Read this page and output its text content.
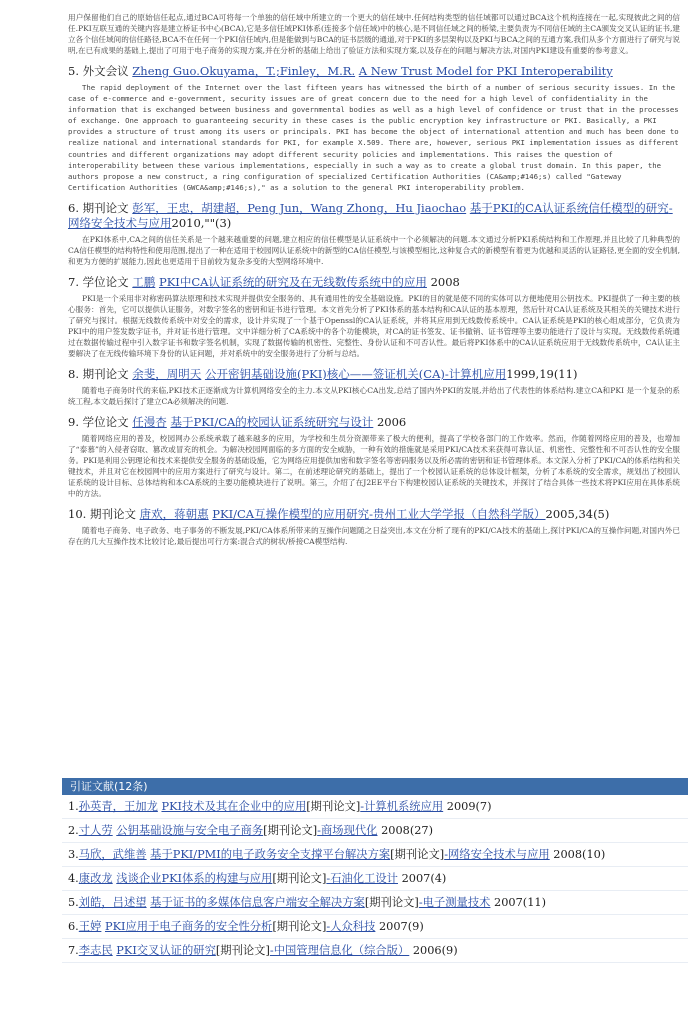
用户保留他们自己的原始信任起点,通过BCA可将每一个单独的信任域中所建立的一个更大的信任域中.任何结构类型的信任域都可以通过BCA这个机构连接在一起,实现彼此之间的信任.PKI互联互通的关键内容是建立桥证书中心(BCA),它是多信任域PKI体系(连接多个信任域)中的核心,是不同信任域之间的桥梁,主要负责为不同信任域的主CA颁发交叉认证的证书,建立各个信任域间的信任路径,BCA不在任何一个PKI信任域内,但是能做到与BCA的证书层级的通道,对于PKI的多层架构以及PKI与BCA之间的互通方案,我们从多个方面进行了研究与说明,在已有成果的基础上,提出了可用于电子商务的实现方案,并在分析的基础上给出了验证方法和实现方案,以及存在的问题与解决方法,对国内PKI建设有重要的参考意义。

5. 外文会议 Zheng Guo.Okuyama，T.;Finley，M.R. A New Trust Model for PKI Interoperability

The rapid deployment of the Internet over the last fifteen years has witnessed the birth of a number of serious security issues. In the case of e-commerce and e-government, security issues are of great concern due to the need for a high level of confidentiality in the information that is exchanged between business and governmental bodies as well as a high level of confidence or trust that in the processes of exchange. One approach to guaranteeing security in these cases is the public encryption key infrastructure or PKI. Basically, a PKI provides a structure of trust among its users or principals. PKI has become the object of international attention and much has been done to realize national and international standards for PKI, for example X.509. There are, however, serious PKI implementation issues as different countries and different organizations may adopt different security policies and implementations. This raises the question of interoperability between these various implementations, especially in such a way as to create a global trust domain. In this paper, the authors propose a new construct, a ring configuration of specialized Certification Authorities (CA&amp;#146;s) called "Gateway Certification Authorities (GWCA&amp;#146;s)," as a solution to the general PKI interoperability problem.

6. 期刊论文 彭军，王忠，胡建超，Peng Jun，Wang Zhong，Hu Jiaochao 基于PKI的CA认证系统信任模型的研究-网络安全技术与应用2010,""(3)

在PKI体系中,CA之间的信任关系是一个越来越重要的问题,建立相应的信任模型是认证系统中一个必须解决的问题.本文通过分析PKI系统结构和工作原理,并且比较了几种典型的CA信任模型的结构特性和使用范围,提出了一种在适用于校园网认证系统中的新型的CA信任模型,与该模型相比,这种复合式的新模型有着更为优越和灵活的认证路径,更全面的安全机制,和更为方便的扩展能力,因此也更适用于目前较为复杂多变的大型网络环境中.

7. 学位论文 工鹏 PKI中CA认证系统的研究及在无线数传系统中的应用 2008

PKI是一个采用非对称密码算法原理和技术实现并提供安全服务的、具有通用性的安全基础设施。PKI的目的就是使不同的实体可以方便地使用公钥技术。PKI提供了一种主要的核心服务：首先，它可以提供认证服务，对数字签名的密钥和证书进行管理。本文首先分析了PKI体系的基本结构和CA认证的基本原理，然后针对CA认证系统及其相关的关键技术进行了研究与探讨。根据无线数传系统中对安全的需求，设计并实现了一个基于Openssl的CA认证系统，并将其应用到无线数传系统中。CA认证系统是PKI的核心组成部分，它负责为PKI中的用户签发数字证书，并对证书进行管理。文中详细分析了CA系统中的各个功能模块，对CA的证书签发、证书撤销、证书管理等主要功能进行了设计与实现。无线数传系统通过在数据传输过程中引入数字证书和数字签名机制，实现了数据传输的机密性、完整性、身份认证和不可否认性。最后将PKI体系中的CA认证系统应用于无线数传系统中，CA认证主要解决了在无线传输环境下身份的认证问题，并对系统中的安全服务进行了分析与总结。

8. 期刊论文 余斐，周明天 公开密钥基础设施(PKI)核心——签证机关(CA)-计算机应用1999,19(11)

随着电子商务时代的来临,PKI技术正逐渐成为计算机网络安全的主力.本文从PKI核心CA出发,总结了国内外PKI的发展,并给出了代表性的体系结构.建立CA和PKI 是一个复杂的系统工程,本文最后探讨了建立CA必须解决的问题.

9. 学位论文 任漫杏 基于PKI/CA的校园认证系统研究与设计 2006

随着网络应用的普及，校园网办公系统承载了越来越多的应用，为学校和生员分资源带来了极大的便利，提高了学校各部门的工作效率。然而，作随着网络应用的普及，也增加了“泰慕”的入侵者窃取、篡改或冒充的机会。为解决校园网面临的多方面的安全威胁，一种有效的措施就是采用PKI/CA技术来获得可靠认证、机密性、完整性和不可否认性的安全服务。PKI是利用公钥理论和技术来提供安全服务的基础设施，它为网络应用提供加密和数字签名等密码服务以及所必需的密钥和证书管理体系。本文深入分析了PKI/CA的体系结构和关键技术，并且对它在校园网中的应用方案进行了研究与设计。第二，在前述理论研究的基础上，提出了一个校园认证系统的总体设计框架，分析了本系统的安全需求，规划出了校园认证系统的设计目标、总体结构和本CA系统的主要功能模块进行了说明。第三，介绍了在J2EE平台下构建校园认证系统的关键技术，并探讨了结合具体一些技术将PKI应用在具体系统中的方法。

10. 期刊论文 唐欢，蒋朝惠 PKI/CA互操作模型的应用研究-贵州工业大学学报（自然科学版）2005,34(5)

随着电子商务、电子政务、电子事务的不断发展,PKI/CA体系所带来的互操作问题随之日益突出,本文在分析了现有的PKI/CA技术的基础上,探讨PKI/CA的互操作问题,对国内外已存在的几大互操作技术比较讨论,最后提出可行方案:混合式的树状/桥接CA模型结构.

引证文献(12条)
1.孙英青，王加龙 PKI技术及其在企业中的应用[期刊论文]-计算机系统应用 2009(7)
2.寸人劳 公钥基础设施与安全电子商务[期刊论文]-商场现代化 2008(27)
3.马欣，武维善 基于PKI/PMI的电子政务安全支撑平台解决方案[期刊论文]-网络安全技术与应用 2008(10)
4.康改龙 浅谈企业PKI体系的构建与应用[期刊论文]-石油化工设计 2007(4)
5.刘皓，吕述望 基于证书的多媒体信息客户端安全解决方案[期刊论文]-电子测量技术 2007(11)
6.王婷 PKI应用于电子商务的安全性分析[期刊论文]-人众科技 2007(9)
7.李志民 PKI交叉认证的研究[期刊论文]-中国管理信息化（综合版） 2006(9)
